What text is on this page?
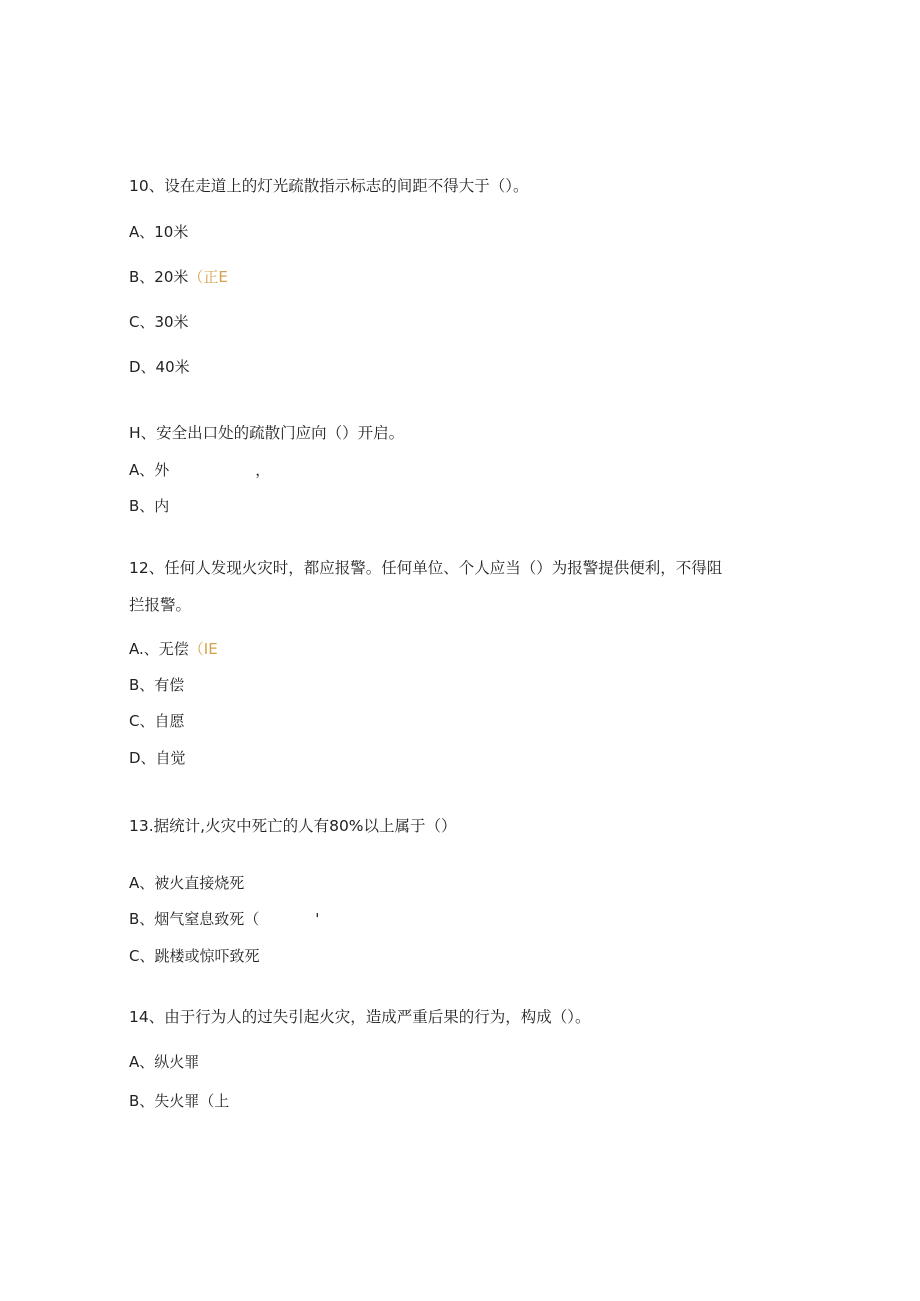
10、设在走道上的灯光疏散指示标志的间距不得大于（）。
A、10米
B、20米（正E
C、30米
D、40米
H、安全出口处的疏散门应向（）开启。
A、外	，
B、内
12、任何人发现火灾时，都应报警。任何单位、个人应当（）为报警提供便利，不得阻
拦报警。
A.、无偿（IE
B、有偿
C、自愿
D、自觉
13.据统计,火灾中死亡的人有80%以上属于（）
A、被火直接烧死
B、烟气窒息致死（	'
C、跳楼或惊吓致死
14、由于行为人的过失引起火灾，造成严重后果的行为，构成（）。
A、纵火罪
B、失火罪（上
